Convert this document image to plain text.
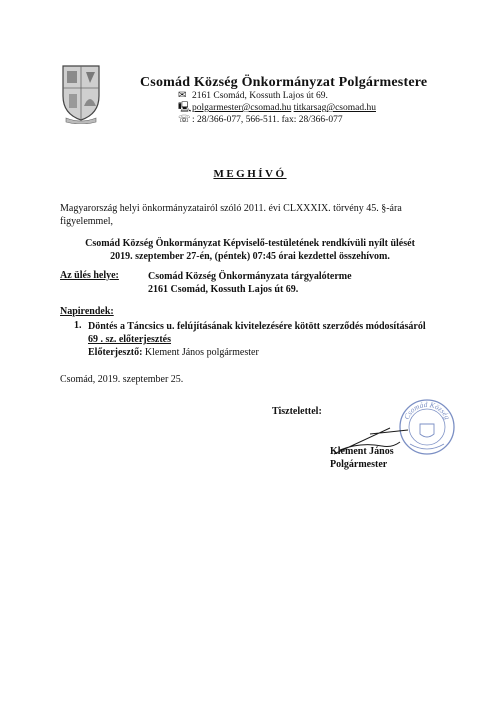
Csomád Község Önkormányzat Polgármestere
✉ 2161 Csomád, Kossuth Lajos út 69.
🖳polgarmester@csomad.hu titkarsag@csomad.hu
☏: 28/366-077, 566-511. fax: 28/366-077
MEGHÍVÓ
Magyarország helyi önkormányzatairól szóló 2011. évi CLXXXIX. törvény 45. §-ára figyelemmel,
Csomád Község Önkormányzat Képviselő-testületének rendkívüli nyílt ülését
2019. szeptember 27-én, (péntek) 07:45 órai kezdettel összehívom.
Az ülés helye:	Csomád Község Önkormányzata tárgyalóterme
2161 Csomád, Kossuth Lajos út 69.
Napirendek:
1. Döntés a Táncsics u. felújításának kivitelezésére kötött szerződés módosításáról
69 . sz. előterjesztés
Előterjesztő: Klement János polgármester
Csomád, 2019. szeptember 25.
Tisztelettel:	Csomád Község
Klement János
Polgármester
